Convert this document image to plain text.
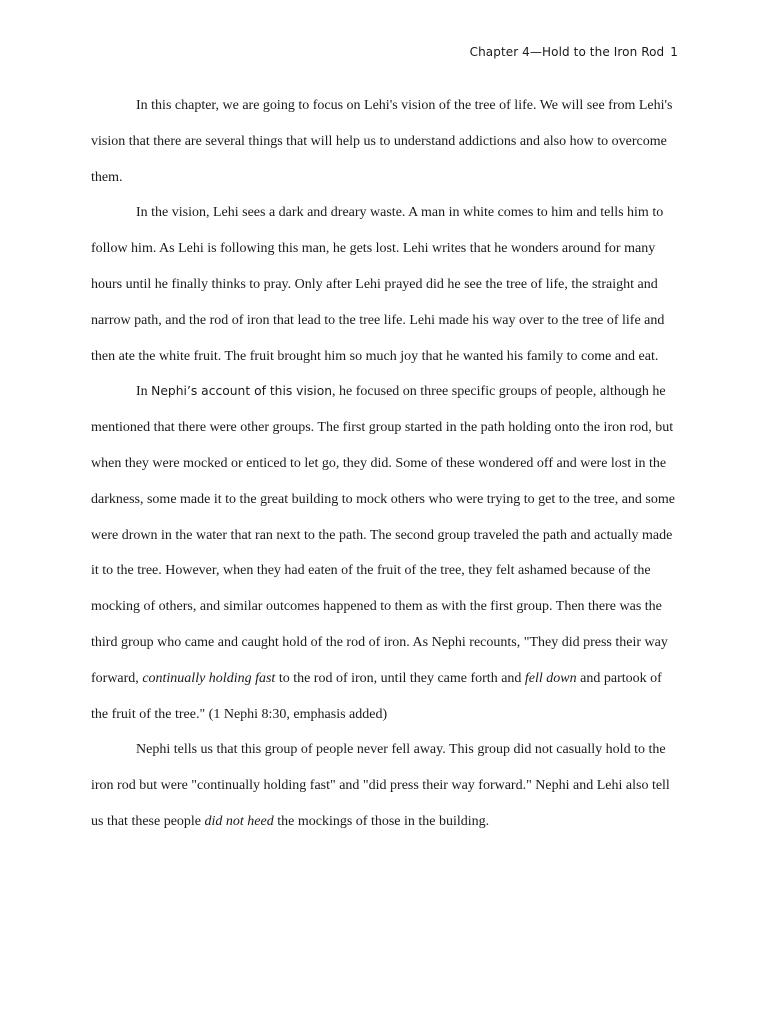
Chapter 4—Hold to the Iron Rod 1

In this chapter, we are going to focus on Lehi's vision of the tree of life. We will see from Lehi's vision that there are several things that will help us to understand addictions and also how to overcome them.

In the vision, Lehi sees a dark and dreary waste. A man in white comes to him and tells him to follow him. As Lehi is following this man, he gets lost. Lehi writes that he wonders around for many hours until he finally thinks to pray. Only after Lehi prayed did he see the tree of life, the straight and narrow path, and the rod of iron that lead to the tree life. Lehi made his way over to the tree of life and then ate the white fruit. The fruit brought him so much joy that he wanted his family to come and eat.

In Nephi’s account of this vision, he focused on three specific groups of people, although he mentioned that there were other groups. The first group started in the path holding onto the iron rod, but when they were mocked or enticed to let go, they did. Some of these wondered off and were lost in the darkness, some made it to the great building to mock others who were trying to get to the tree, and some were drown in the water that ran next to the path. The second group traveled the path and actually made it to the tree. However, when they had eaten of the fruit of the tree, they felt ashamed because of the mocking of others, and similar outcomes happened to them as with the first group. Then there was the third group who came and caught hold of the rod of iron. As Nephi recounts, "They did press their way forward, continually holding fast to the rod of iron, until they came forth and fell down and partook of the fruit of the tree." (1 Nephi 8:30, emphasis added)

Nephi tells us that this group of people never fell away. This group did not casually hold to the iron rod but were "continually holding fast" and "did press their way forward." Nephi and Lehi also tell us that these people did not heed the mockings of those in the building.
